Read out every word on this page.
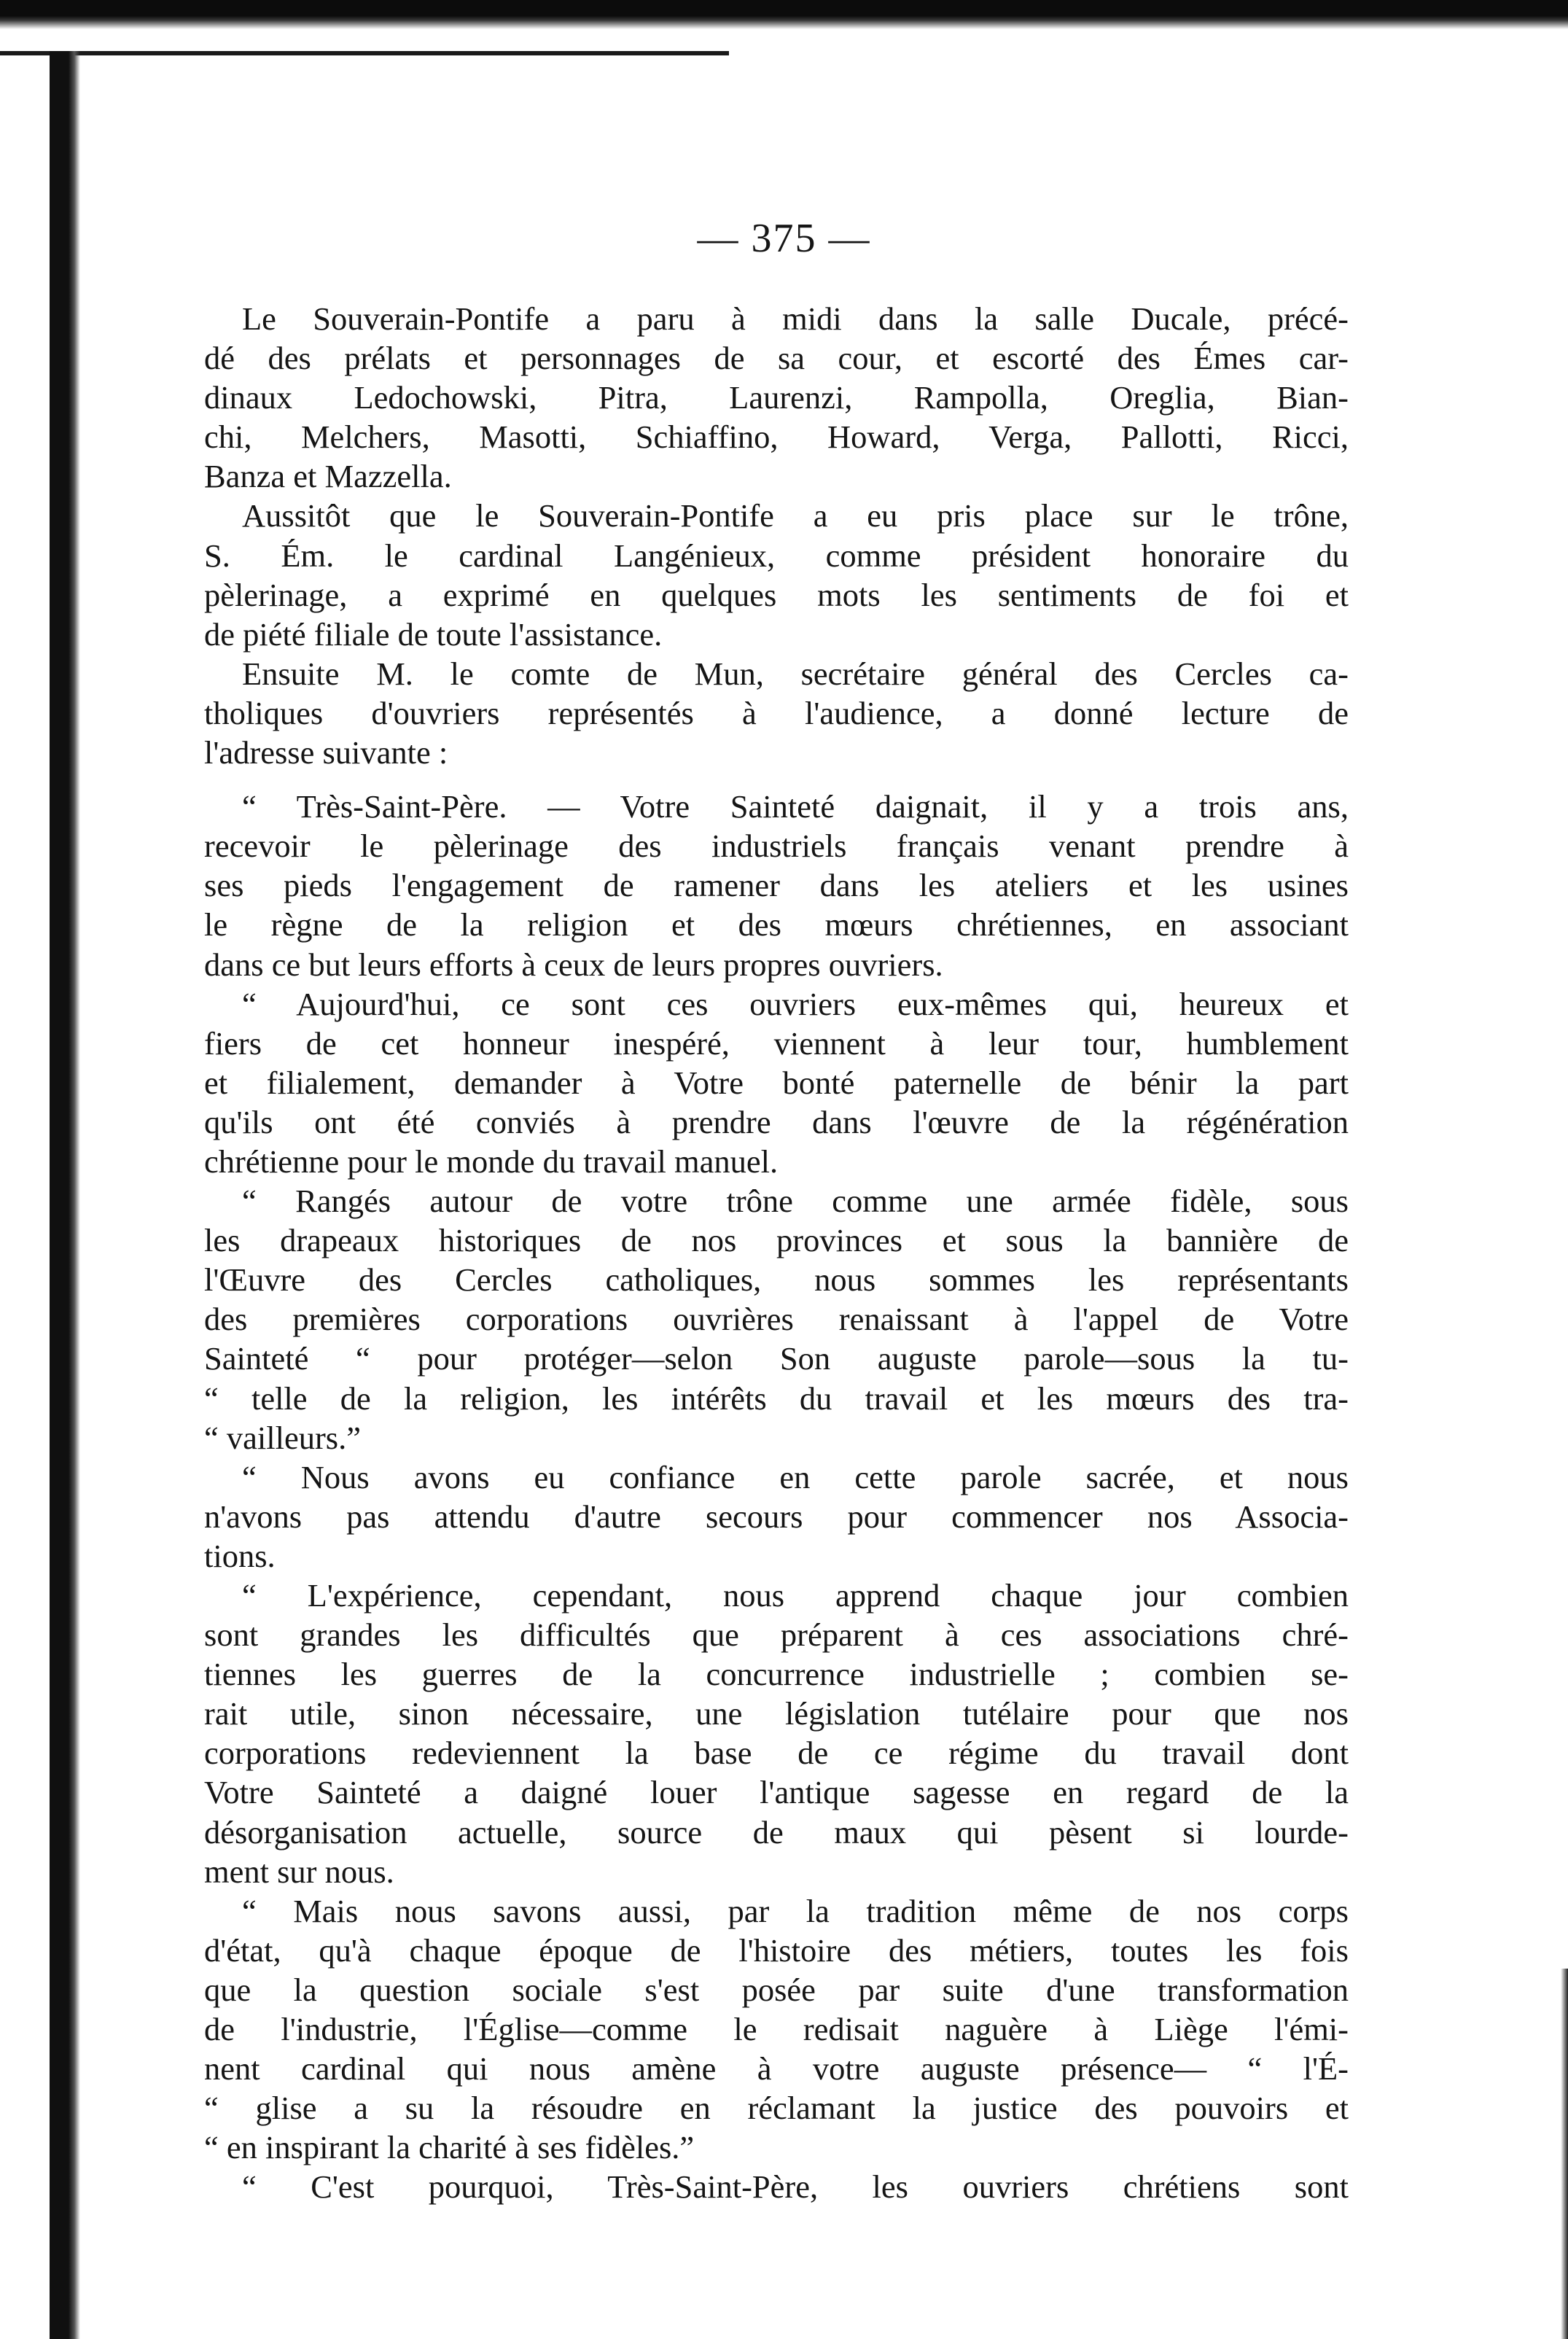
— 375 —
Le Souverain-Pontife a paru à midi dans la salle Ducale, précé-
dé des prélats et personnages de sa cour, et escorté des Émes car-
dinaux Ledochowski, Pitra, Laurenzi, Rampolla, Oreglia, Bian-
chi, Melchers, Masotti, Schiaffino, Howard, Verga, Pallotti, Ricci,
Banza et Mazzella.
Aussitôt que le Souverain-Pontife a eu pris place sur le trône,
S. Ém. le cardinal Langénieux, comme président honoraire du
pèlerinage, a exprimé en quelques mots les sentiments de foi et
de piété filiale de toute l'assistance.
Ensuite M. le comte de Mun, secrétaire général des Cercles ca-
tholiques d'ouvriers représentés à l'audience, a donné lecture de
l'adresse suivante :
“ Très-Saint-Père. — Votre Sainteté daignait, il y a trois ans,
recevoir le pèlerinage des industriels français venant prendre à
ses pieds l'engagement de ramener dans les ateliers et les usines
le règne de la religion et des mœurs chrétiennes, en associant
dans ce but leurs efforts à ceux de leurs propres ouvriers.
“ Aujourd'hui, ce sont ces ouvriers eux-mêmes qui, heureux et
fiers de cet honneur inespéré, viennent à leur tour, humblement
et filialement, demander à Votre bonté paternelle de bénir la part
qu'ils ont été conviés à prendre dans l'œuvre de la régénération
chrétienne pour le monde du travail manuel.
“ Rangés autour de votre trône comme une armée fidèle, sous
les drapeaux historiques de nos provinces et sous la bannière de
l'Œuvre des Cercles catholiques, nous sommes les représentants
des premières corporations ouvrières renaissant à l'appel de Votre
Sainteté “ pour protéger—selon Son auguste parole—sous la tu-
“ telle de la religion, les intérêts du travail et les mœurs des tra-
“ vailleurs.”
“ Nous avons eu confiance en cette parole sacrée, et nous
n'avons pas attendu d'autre secours pour commencer nos Associa-
tions.
“ L'expérience, cependant, nous apprend chaque jour combien
sont grandes les difficultés que préparent à ces associations chré-
tiennes les guerres de la concurrence industrielle ; combien se-
rait utile, sinon nécessaire, une législation tutélaire pour que nos
corporations redeviennent la base de ce régime du travail dont
Votre Sainteté a daigné louer l'antique sagesse en regard de la
désorganisation actuelle, source de maux qui pèsent si lourde-
ment sur nous.
“ Mais nous savons aussi, par la tradition même de nos corps
d'état, qu'à chaque époque de l'histoire des métiers, toutes les fois
que la question sociale s'est posée par suite d'une transformation
de l'industrie, l'Église—comme le redisait naguère à Liège l'émi-
nent cardinal qui nous amène à votre auguste présence— “ l'É-
“ glise a su la résoudre en réclamant la justice des pouvoirs et
“ en inspirant la charité à ses fidèles.”
“ C'est pourquoi, Très-Saint-Père, les ouvriers chrétiens sont
